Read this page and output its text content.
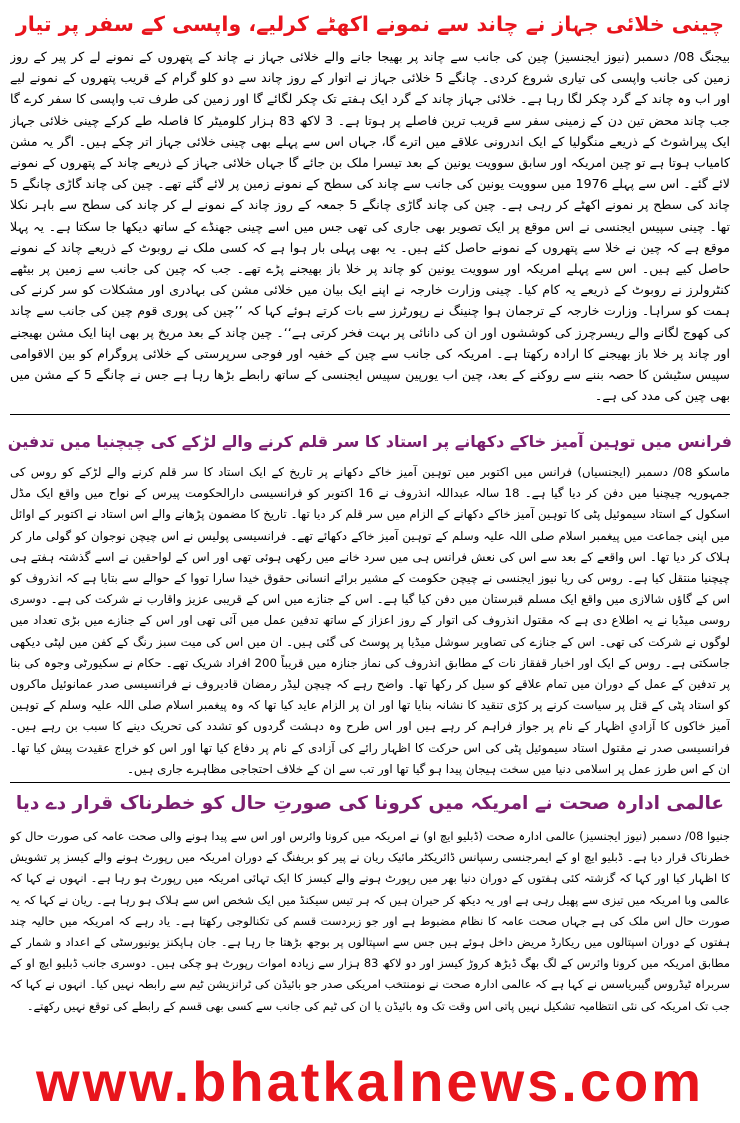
چینی خلائی جہاز نے چاند سے نمونے اکھٹے کرلیے، واپسی کے سفر پر تیار
بیجنگ 08/ دسمبر (نیوز ایجنسیز) چین کی جانب سے چاند پر بھیجا جانے والے خلائی جہاز نے چاند کے پتھروں کے نمونے لے کر پیر کے روز زمین کی جانب واپسی کی تیاری شروع کردی۔ چانگے 5 خلائی جہاز نے اتوار کے روز چاند سے دو کلو گرام کے قریب پتھروں کے نمونے لیے اور اب وہ چاند کے گرد چکر لگا رہا ہے۔ خلائی جہاز چاند کے گرد ایک ہفتے تک چکر لگائے گا اور زمین کی طرف تب واپسی کا سفر کرے گا جب چاند محض تین دن کے زمینی سفر سے قریب ترین فاصلے پر ہوتا ہے۔ 3 لاکھ 83 ہزار کلومیٹر کا فاصلہ طے کرکے چینی خلائی جہاز ایک پیراشوٹ کے ذریعے منگولیا کے ایک اندرونی علاقے میں اترے گا، جہاں اس سے پہلے بھی چینی خلائی جہاز اتر چکے ہیں۔ اگر یہ مشن کامیاب ہوتا ہے تو چین امریکہ اور سابق سوویت یونین کے بعد تیسرا ملک بن جائے گا جہاں خلائی جہاز کے ذریعے چاند کے پتھروں کے نمونے لائے گئے۔ اس سے پہلے 1976 میں سوویت یونین کی جانب سے چاند کی سطح کے نمونے زمین پر لائے گئے تھے۔ چین کی چاند گاڑی چانگے 5 چاند کی سطح پر نمونے اکھٹے کر رہی ہے۔ چین کی چاند گاڑی چانگے 5 جمعہ کے روز چاند کے نمونے لے کر چاند کی سطح سے باہر نکلا تھا۔ چینی سپیس ایجنسی نے اس موقع پر ایک تصویر بھی جاری کی تھی جس میں اسے چینی جھنڈے کے ساتھ دیکھا جا سکتا ہے۔ یہ پہلا موقع ہے کہ چین نے خلا سے پتھروں کے نمونے حاصل کئے ہیں۔ یہ بھی پہلی بار ہوا ہے کہ کسی ملک نے روبوٹ کے ذریعے چاند کے نمونے حاصل کیے ہیں۔ اس سے پہلے امریکہ اور سوویت یونین کو چاند پر خلا باز بھیجنے پڑے تھے۔ جب کہ چین کی جانب سے زمین پر بیٹھے کنٹرولرز نے روبوٹ کے ذریعے یہ کام کیا۔ چینی وزارت خارجہ نے اپنے ایک بیان میں خلائی مشن کی بہادری اور مشکلات کو سر کرنے کی ہمت کو سراہا۔ وزارت خارجہ کے ترجمان ہوا چنینگ نے رپورٹرز سے بات کرتے ہوئے کہا کہ ’’چین کی پوری قوم چین کی جانب سے چاند کی کھوج لگانے والے ریسرچرز کی کوششوں اور ان کی دانائی پر بہت فخر کرتی ہے‘‘۔ چین چاند کے بعد مریخ پر بھی اپنا ایک مشن بھیجنے اور چاند پر خلا باز بھیجنے کا ارادہ رکھتا ہے۔ امریکہ کی جانب سے چین کے خفیہ اور فوجی سرپرستی کے خلائی پروگرام کو بین الاقوامی سپیس سٹیشن کا حصہ بننے سے روکنے کے بعد، چین اب یورپین سپیس ایجنسی کے ساتھ رابطے بڑھا رہا ہے جس نے چانگے 5 کے مشن میں بھی چین کی مدد کی ہے۔
فرانس میں توہین آمیز خاکے دکھانے پر استاد کا سر قلم کرنے والے لڑکے کی چیچنیا میں تدفین
ماسکو 08/ دسمبر (ایجنسیاں) فرانس میں اکتوبر میں توہین آمیز خاکے دکھانے پر تاریخ کے ایک استاد کا سر قلم کرنے والے لڑکے کو روس کی جمہوریہ چیچنیا میں دفن کر دیا گیا ہے۔ 18 سالہ عبداللہ انذروف نے 16 اکتوبر کو فرانسیسی دارالحکومت پیرس کے نواح میں واقع ایک مڈل اسکول کے استاد سیموئیل پٹی کا توہین آمیز خاکے دکھانے کے الزام میں سر قلم کر دیا تھا۔ تاریخ کا مضمون پڑھانے والے اس استاد نے اکتوبر کے اوائل میں اپنی جماعت میں پیغمبر اسلام صلی اللہ علیہ وسلم کے توہین آمیز خاکے دکھائے تھے۔ فرانسیسی پولیس نے اس چیچن نوجوان کو گولی مار کر ہلاک کر دیا تھا۔ اس واقعے کے بعد سے اس کی نعش فرانس ہی میں سرد خانے میں رکھی ہوئی تھی اور اس کے لواحقین نے اسے گذشتہ ہفتے ہی چیچنیا منتقل کیا ہے۔ روس کی ریا نیوز ایجنسی نے چیچن حکومت کے مشیر برائے انسانی حقوق خیدا سارا تووا کے حوالے سے بتایا ہے کہ انذروف کو اس کے گاؤں شالازی میں واقع ایک مسلم قبرستان میں دفن کیا گیا ہے۔ اس کے جنازے میں اس کے قریبی عزیز واقارب نے شرکت کی ہے۔ دوسری روسی میڈیا نے یہ اطلاع دی ہے کہ مقتول انذروف کی اتوار کے روز اعزاز کے ساتھ تدفین عمل میں آئی تھی اور اس کے جنازے میں بڑی تعداد میں لوگوں نے شرکت کی تھی۔ اس کے جنازے کی تصاویر سوشل میڈیا پر پوسٹ کی گئی ہیں۔ ان میں اس کی میت سبز رنگ کے کفن میں لپٹی دیکھی جاسکتی ہے۔ روس کے ایک اور اخبار قفقاز نات کے مطابق انذروف کی نماز جنازہ میں قریباً 200 افراد شریک تھے۔ حکام نے سکیورٹی وجوہ کی بنا پر تدفین کے عمل کے دوران میں تمام علاقے کو سیل کر رکھا تھا۔ واضح رہے کہ چیچن لیڈر رمضان قادیروف نے فرانسیسی صدر عمانوئیل ماکروں کو استاد پٹی کے قتل پر سیاست کرنے پر کڑی تنقید کا نشانہ بنایا تھا اور ان پر الزام عاید کیا تھا کہ وہ پیغمبر اسلام صلی اللہ علیہ وسلم کے توہین آمیز خاکوں کا آزادیِ اظہار کے نام پر جواز فراہم کر رہے ہیں اور اس طرح وہ دہشت گردوں کو تشدد کی تحریک دینے کا سبب بن رہے ہیں۔ فرانسیسی صدر نے مقتول استاد سیموئیل پٹی کی اس حرکت کا اظہار رائے کی آزادی کے نام پر دفاع کیا تھا اور اس کو خراج عقیدت پیش کیا تھا۔ ان کے اس طرز عمل پر اسلامی دنیا میں سخت ہیجان پیدا ہو گیا تھا اور تب سے ان کے خلاف احتجاجی مظاہرے جاری ہیں۔
عالمی ادارہ صحت نے امریکہ میں کرونا کی صورتِ حال کو خطرناک قرار دے دیا
جنیوا 08/ دسمبر (نیوز ایجنسیز) عالمی ادارہ صحت (ڈبلیو ایچ او) نے امریکہ میں کرونا وائرس اور اس سے پیدا ہونے والی صحت عامہ کی صورت حال کو خطرناک قرار دیا ہے۔ ڈبلیو ایچ او کے ایمرجنسی رسپانس ڈائریکٹر مائیک ریان نے پیر کو بریفنگ کے دوران امریکہ میں رپورٹ ہونے والے کیسز پر تشویش کا اظہار کیا اور کہا کہ گزشتہ کئی ہفتوں کے دوران دنیا بھر میں رپورٹ ہونے والے کیسز کا ایک تہائی امریکہ میں رپورٹ ہو رہا ہے۔ انہوں نے کہا کہ عالمی وبا امریکہ میں تیزی سے پھیل رہی ہے اور یہ دیکھ کر حیران ہیں کہ ہر تیس سیکنڈ میں ایک شخص اس سے ہلاک ہو رہا ہے۔ ریان نے کہا کہ یہ صورت حال اس ملک کی ہے جہاں صحت عامہ کا نظام مضبوط ہے اور جو زبردست قسم کی تکنالوجی رکھتا ہے۔ یاد رہے کہ امریکہ میں حالیہ چند ہفتوں کے دوران اسپتالوں میں ریکارڈ مریض داخل ہوئے ہیں جس سے اسپتالوں پر بوجھ بڑھتا جا رہا ہے۔ جان ہاپکنز یونیورسٹی کے اعداد و شمار کے مطابق امریکہ میں کرونا وائرس کے لگ بھگ ڈیڑھ کروڑ کیسز اور دو لاکھ 83 ہزار سے زیادہ اموات رپورٹ ہو چکی ہیں۔ دوسری جانب ڈبلیو ایچ او کے سربراہ ٹیڈروس گیبریاسس نے کہا ہے کہ عالمی ادارہ صحت نے نومنتخب امریکی صدر جو بائیڈن کی ٹرانزیشن ٹیم سے رابطہ نہیں کیا۔ انہوں نے کہا کہ جب تک امریکہ کی نئی انتظامیہ تشکیل نہیں پاتی اس وقت تک وہ بائیڈن یا ان کی ٹیم کی جانب سے کسی بھی قسم کے رابطے کی توقع نہیں رکھتے۔
www.bhatkalnews.com
